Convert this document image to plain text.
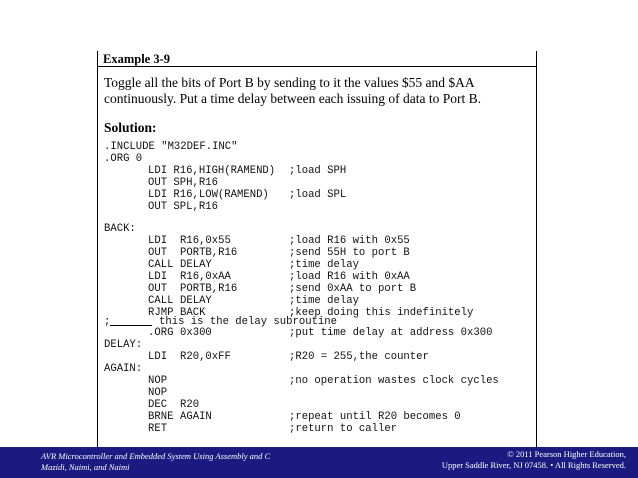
Example 3-9
Toggle all the bits of Port B by sending to it the values $55 and $AA continuously. Put a time delay between each issuing of data to Port B.
Solution:
.INCLUDE "M32DEF.INC"
.ORG 0
LDI R16,HIGH(RAMEND) ;load SPH
OUT SPH,R16
LDI R16,LOW(RAMEND) ;load SPL
OUT SPL,R16
BACK:
LDI R16,0x55	;load R16 with 0x55
OUT PORTB,R16	;send 55H to port B
CALL DELAY	;time delay
LDI R16,0xAA	;load R16 with 0xAA
OUT PORTB,R16	;send 0xAA to port B
CALL DELAY	;time delay
RJMP BACK	;keep doing this indefinitely

;

	this is the delay subroutine

.ORG 0x300	;put time delay at address 0x300
DELAY:
LDI R20,0xFF	;R20 = 255,the counter
AGAIN:
NOP	;no operation wastes clock cycles
NOP
DEC R20
BRNE AGAIN	;repeat until R20 becomes 0
RET	;return to caller
AVR Microcontroller and Embedded System Using Assembly and C
Mazidi, Naimi, and Naimi
© 2011 Pearson Higher Education,
Upper Saddle River, NJ 07458. • All Rights Reserved.
